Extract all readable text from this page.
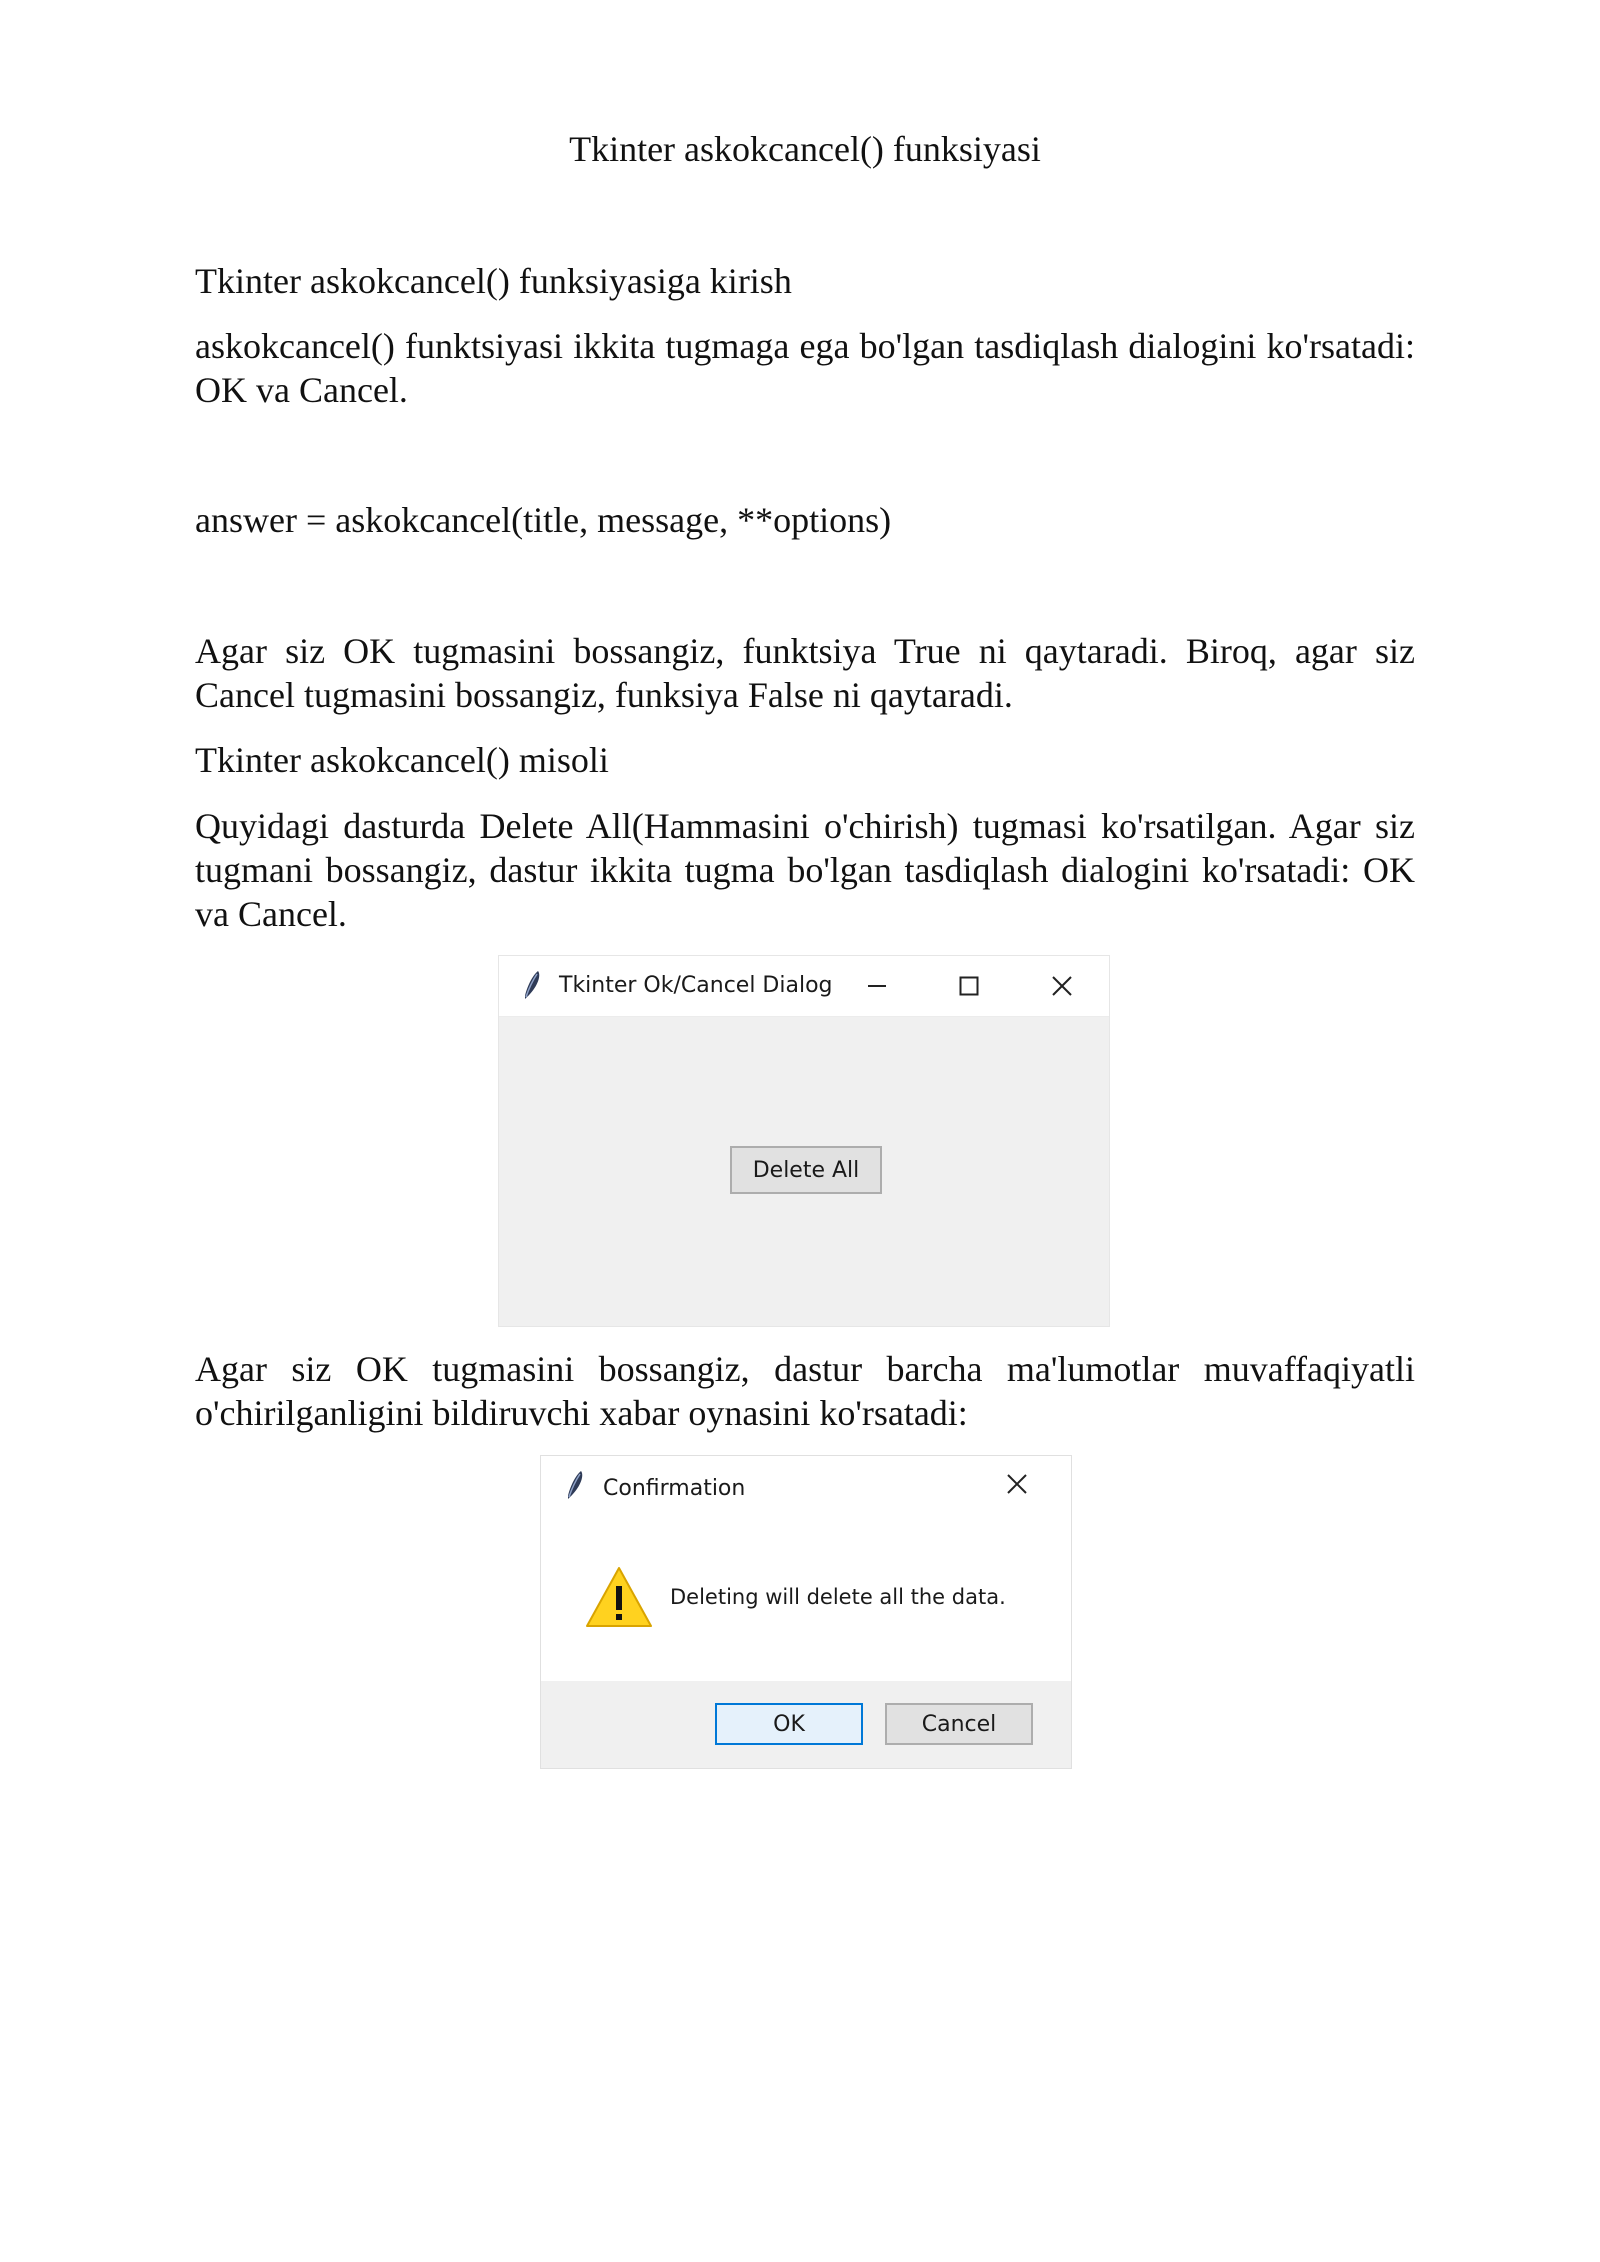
Tkinter askokcancel() funksiyasi

Tkinter askokcancel() funksiyasiga kirish

askokcancel() funktsiyasi ikkita tugmaga ega bo'lgan tasdiqlash dialogini ko'rsatadi: OK va Cancel.

answer = askokcancel(title, message, **options)

Agar siz OK tugmasini bossangiz, funktsiya True ni qaytaradi. Biroq, agar siz Cancel tugmasini bossangiz, funksiya False ni qaytaradi.

Tkinter askokcancel() misoli

Quyidagi dasturda Delete All(Hammasini o'chirish) tugmasi ko'rsatilgan. Agar siz tugmani bossangiz, dastur ikkita tugma bo'lgan tasdiqlash dialogini ko'rsatadi: OK va Cancel.

Tkinter Ok/Cancel Dialog
Delete All

Agar siz OK tugmasini bossangiz, dastur barcha ma'lumotlar muvaffaqiyatli o'chirilganligini bildiruvchi xabar oynasini ko'rsatadi:

Confirmation
Deleting will delete all the data.
OK	Cancel
